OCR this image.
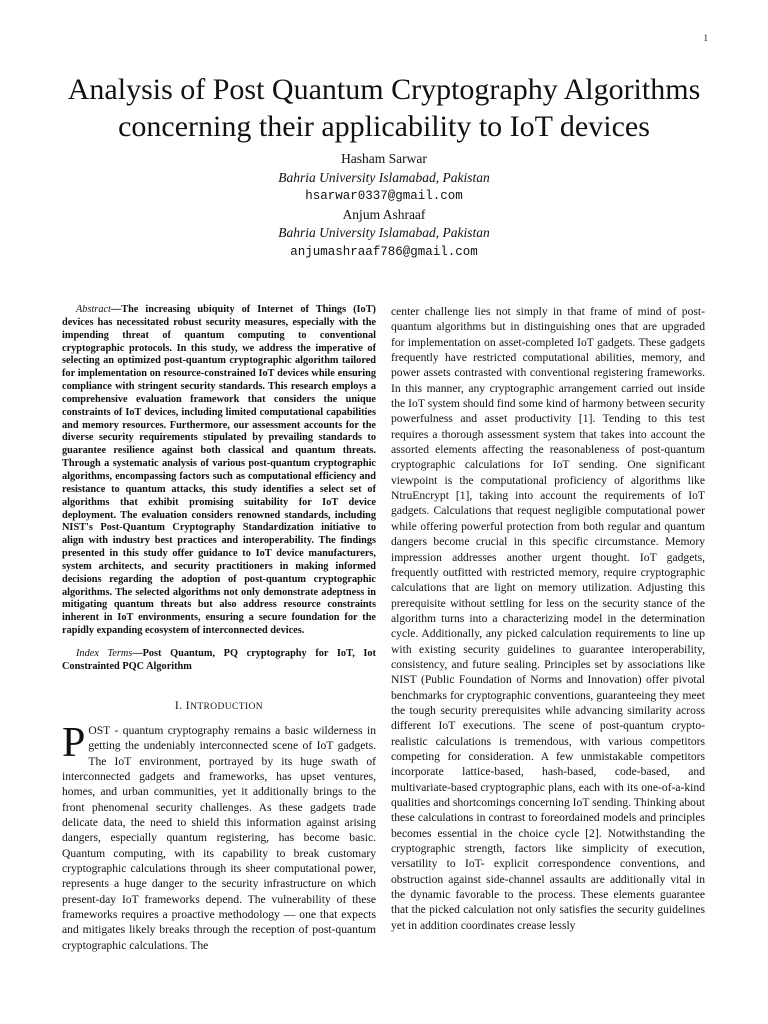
1
Analysis of Post Quantum Cryptography Algorithms concerning their applicability to IoT devices
Hasham Sarwar
Bahria University Islamabad, Pakistan
hsarwar0337@gmail.com
Anjum Ashraaf
Bahria University Islamabad, Pakistan
anjumashraaf786@gmail.com

Abstract—The increasing ubiquity of Internet of Things (IoT) devices has necessitated robust security measures, especially with the impending threat of quantum computing to conventional cryptographic protocols. In this study, we address the imperative of selecting an optimized post-quantum cryptographic algorithm tailored for implementation on resource-constrained IoT devices while ensuring compliance with stringent security standards. This research employs a comprehensive evaluation framework that considers the unique constraints of IoT devices, including limited computational capabilities and memory resources. Furthermore, our assessment accounts for the diverse security requirements stipulated by prevailing standards to guarantee resilience against both classical and quantum threats. Through a systematic analysis of various post-quantum cryptographic algorithms, encompassing factors such as computational efficiency and resistance to quantum attacks, this study identifies a select set of algorithms that exhibit promising suitability for IoT device deployment. The evaluation considers renowned standards, including NIST's Post-Quantum Cryptography Standardization initiative to align with industry best practices and interoperability. The findings presented in this study offer guidance to IoT device manufacturers, system architects, and security practitioners in making informed decisions regarding the adoption of post-quantum cryptographic algorithms. The selected algorithms not only demonstrate adeptness in mitigating quantum threats but also address resource constraints inherent in IoT environments, ensuring a secure foundation for the rapidly expanding ecosystem of interconnected devices.

Index Terms—Post Quantum, PQ cryptography for IoT, Iot Constrainted PQC Algorithm

I. INTRODUCTION

POST - quantum cryptography remains a basic wilderness in getting the undeniably interconnected scene of IoT gadgets. The IoT environment, portrayed by its huge swath of interconnected gadgets and frameworks, has upset ventures, homes, and urban communities, yet it additionally brings to the front phenomenal security challenges. As these gadgets trade delicate data, the need to shield this information against arising dangers, especially quantum registering, has become basic. Quantum computing, with its capability to break customary cryptographic calculations through its sheer computational power, represents a huge danger to the security infrastructure on which present-day IoT frameworks depend. The vulnerability of these frameworks requires a proactive methodology — one that expects and mitigates likely breaks through the reception of post-quantum cryptographic calculations. The

center challenge lies not simply in that frame of mind of post-quantum algorithms but in distinguishing ones that are upgraded for implementation on asset-completed IoT gadgets. These gadgets frequently have restricted computational abilities, memory, and power assets contrasted with conventional registering frameworks. In this manner, any cryptographic arrangement carried out inside the IoT system should find some kind of harmony between security powerfulness and asset productivity [1]. Tending to this test requires a thorough assessment system that takes into account the assorted elements affecting the reasonableness of post-quantum cryptographic calculations for IoT sending. One significant viewpoint is the computational proficiency of algorithms like NtruEncrypt [1], taking into account the requirements of IoT gadgets. Calculations that request negligible computational power while offering powerful protection from both regular and quantum dangers become crucial in this specific circumstance. Memory impression addresses another urgent thought. IoT gadgets, frequently outfitted with restricted memory, require cryptographic calculations that are light on memory utilization. Adjusting this prerequisite without settling for less on the security stance of the algorithm turns into a characterizing model in the determination cycle. Additionally, any picked calculation requirements to line up with existing security guidelines to guarantee interoperability, consistency, and future sealing. Principles set by associations like NIST (Public Foundation of Norms and Innovation) offer pivotal benchmarks for cryptographic conventions, guaranteeing they meet the tough security prerequisites while advancing similarity across different IoT executions. The scene of post-quantum crypto-realistic calculations is tremendous, with various competitors competing for consideration. A few unmistakable competitors incorporate lattice-based, hash-based, code-based, and multivariate-based cryptographic plans, each with its one-of-a-kind qualities and shortcomings concerning IoT sending. Thinking about these calculations in contrast to foreordained models and principles becomes essential in the choice cycle [2]. Notwithstanding the cryptographic strength, factors like simplicity of execution, versatility to IoT- explicit correspondence conventions, and obstruction against side-channel assaults are additionally vital in the dynamic favorable to the process. These elements guarantee that the picked calculation not only satisfies the security guidelines yet in addition coordinates crease lessly
